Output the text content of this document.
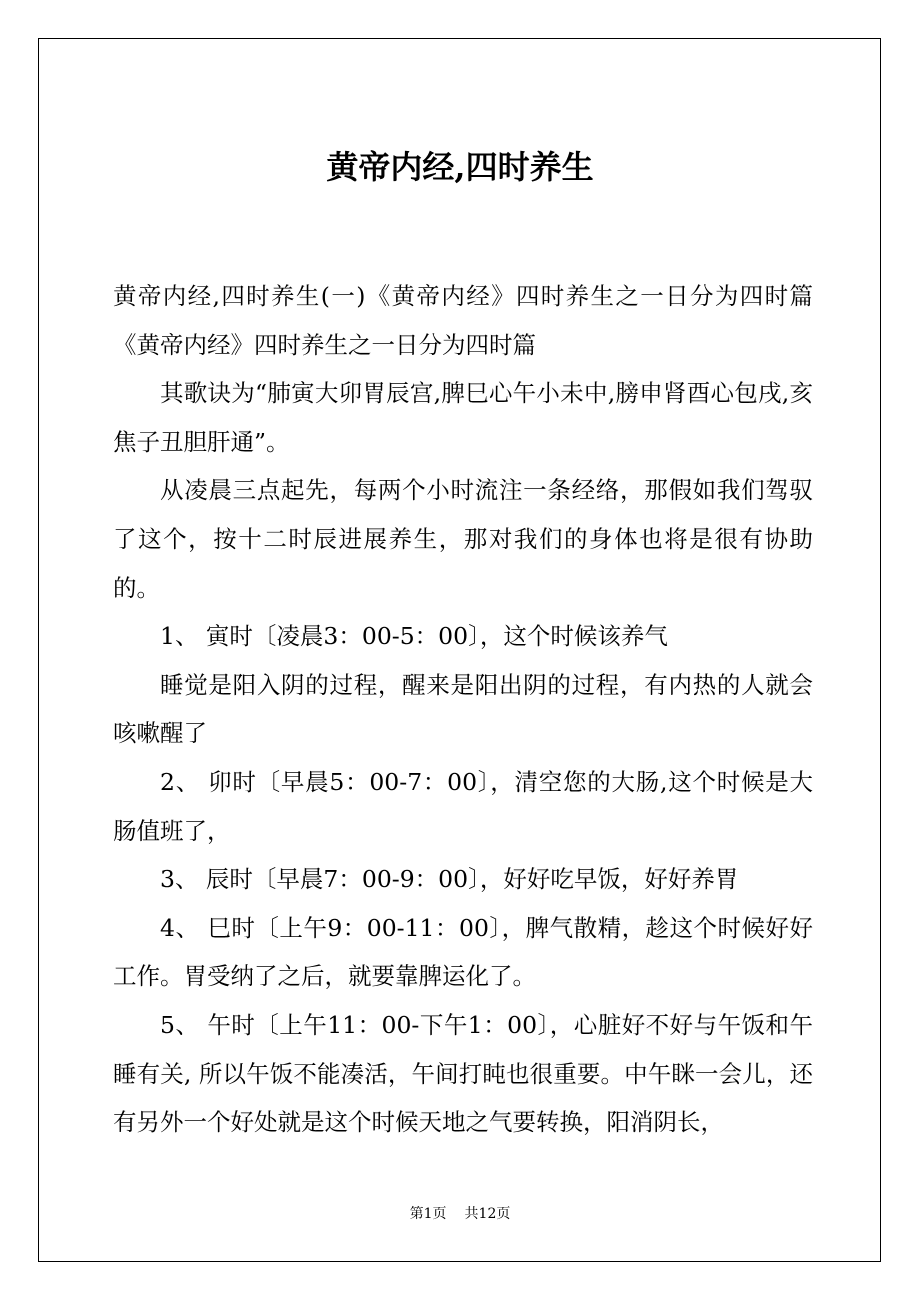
黄帝内经,四时养生

黄帝内经,四时养生(一)《黄帝内经》四时养生之一日分为四时篇《黄帝内经》四时养生之一日分为四时篇

其歌诀为“肺寅大卯胃辰宫,脾巳心午小未中,膀申肾酉心包戌,亥焦子丑胆肝通”。

从凌晨三点起先，每两个小时流注一条经络，那假如我们驾驭了这个，按十二时辰进展养生，那对我们的身体也将是很有协助的。

1、 寅时〔凌晨3：00-5：00〕，这个时候该养气

睡觉是阳入阴的过程，醒来是阳出阴的过程，有内热的人就会咳嗽醒了

2、 卯时〔早晨5：00-7：00〕，清空您的大肠,这个时候是大肠值班了，

3、 辰时〔早晨7：00-9：00〕，好好吃早饭，好好养胃

4、 巳时〔上午9：00-11：00〕，脾气散精，趁这个时候好好工作。胃受纳了之后，就要靠脾运化了。

5、 午时〔上午11：00-下午1：00〕，心脏好不好与午饭和午睡有关, 所以午饭不能凑活，午间打盹也很重要。中午眯一会儿，还有另外一个好处就是这个时候天地之气要转换，阳消阴长，

第1页 共12页
